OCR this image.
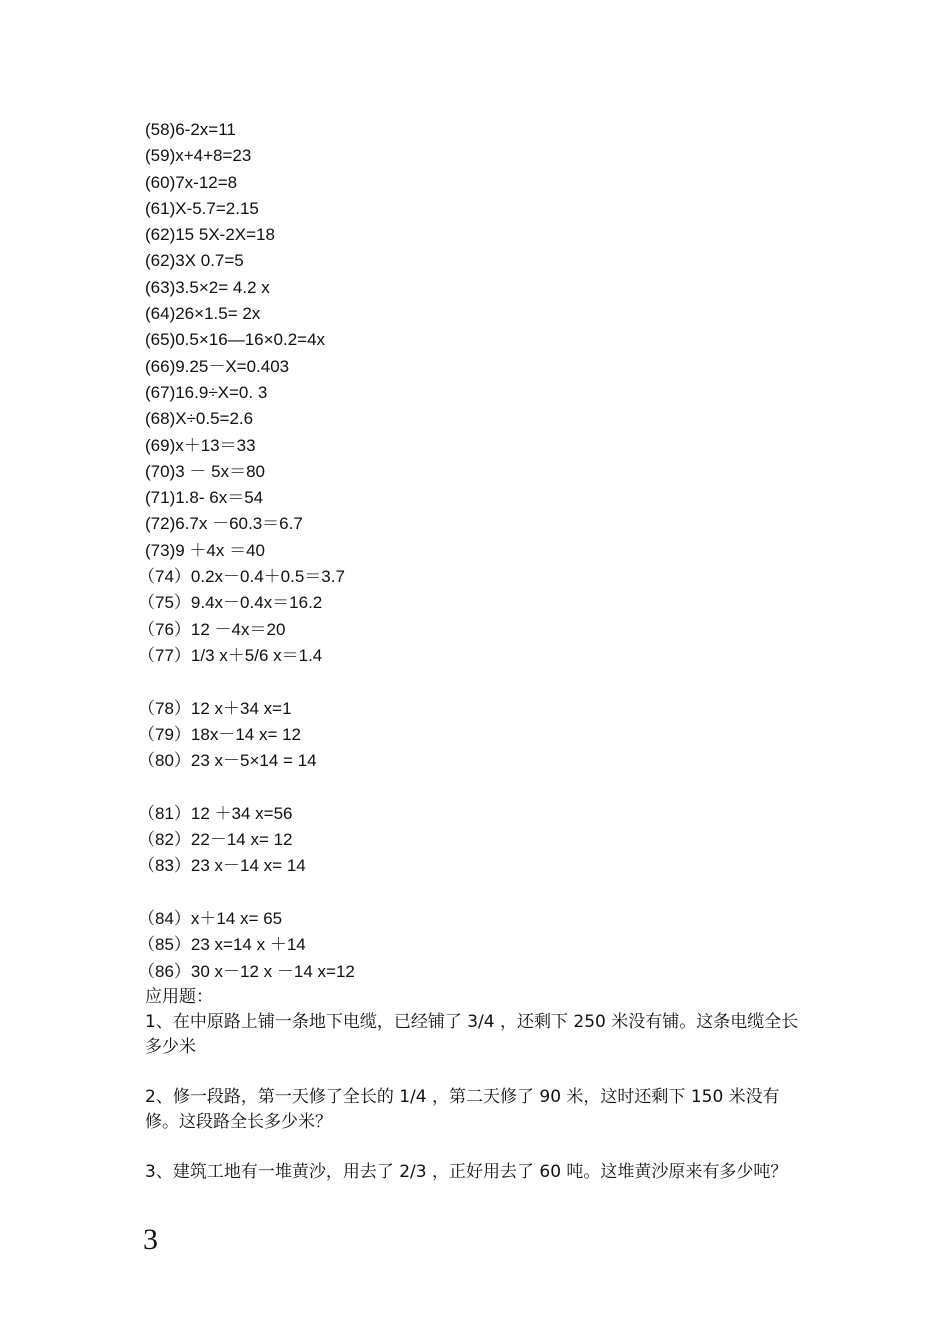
(58)6-2x=11
(59)x+4+8=23
(60)7x-12=8
(61)X-5.7=2.15
(62)15 5X-2X=18
(62)3X 0.7=5
(63)3.5×2= 4.2 x
(64)26×1.5= 2x
(65)0.5×16—16×0.2=4x
(66)9.25－X=0.403
(67)16.9÷X=0. 3
(68)X÷0.5=2.6
(69)x＋13＝33
(70)3 － 5x＝80
(71)1.8- 6x＝54
(72)6.7x －60.3＝6.7
(73)9 ＋4x ＝40
（74）0.2x－0.4＋0.5＝3.7
（75）9.4x－0.4x＝16.2
（76）12 －4x＝20
（77）1/3 x＋5/6 x＝1.4
（78）12 x＋34 x=1
（79）18x－14 x= 12
（80）23 x－5×14 = 14
（81）12 ＋34 x=56
（82）22－14 x= 12
（83）23 x－14 x= 14
（84）x＋14 x= 65
（85）23 x=14 x ＋14
（86）30 x－12 x －14 x=12
应用题：
1、在中原路上铺一条地下电缆，已经铺了 3/4 ，还剩下 250 米没有铺。这条电缆全长多少米
2、修一段路，第一天修了全长的 1/4 ，第二天修了 90 米，这时还剩下 150 米没有修。这段路全长多少米？
3、建筑工地有一堆黄沙，用去了 2/3 ，正好用去了 60 吨。这堆黄沙原来有多少吨？
3
